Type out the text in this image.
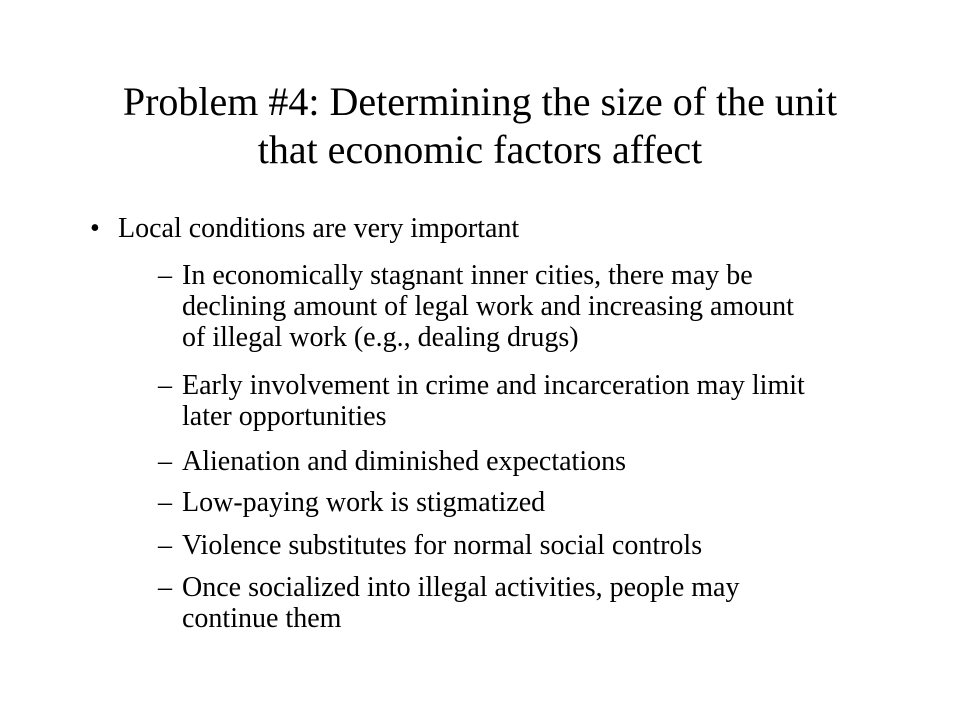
Problem #4: Determining the size of the unit
that economic factors affect
• Local conditions are very important
– In economically stagnant inner cities, there may be
declining amount of legal work and increasing amount
of illegal work (e.g., dealing drugs)
– Early involvement in crime and incarceration may limit
later opportunities
– Alienation and diminished expectations
– Low-paying work is stigmatized
– Violence substitutes for normal social controls
– Once socialized into illegal activities, people may
continue them
